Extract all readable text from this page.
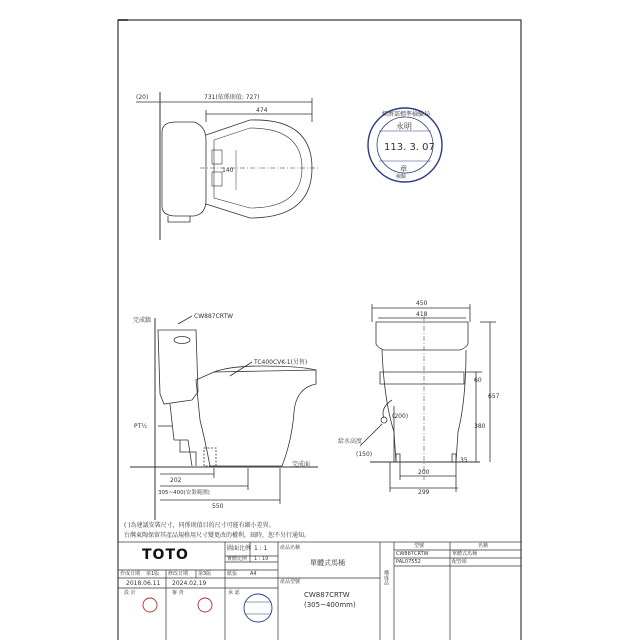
(20)	731(依係則值: 727)
474
140
經濟部標準檢驗局
永明
113. 3. 07
章
檢驗
完成牆
CW887CRTW
TC400CVK-1(另售)
PT½
202
305~400(安裝範圍)
550
完成面
450
418
657
60
380
(200)
給水高度
(150)
35
200
299
( )為建議安裝尺寸，同係則值目的尺寸可能有細小差異。
台灣東陶保留其產品規格用尺寸變更改的權利，屆時，恕不另行通知。
TOTO	圖面比例 1 : 1
實體比例 1 : 10
產品名稱
單體式馬桶
作成日期 第1版 修改日期 第3版	紙張	A4
2018.06.11 2024.02.19	產品型號
CW887CRTW
(305~400mm)
設 計	審 查	承 認
構成品
型號	名稱
CW887CRTW	單體式馬桶
PAL07552	配管組
